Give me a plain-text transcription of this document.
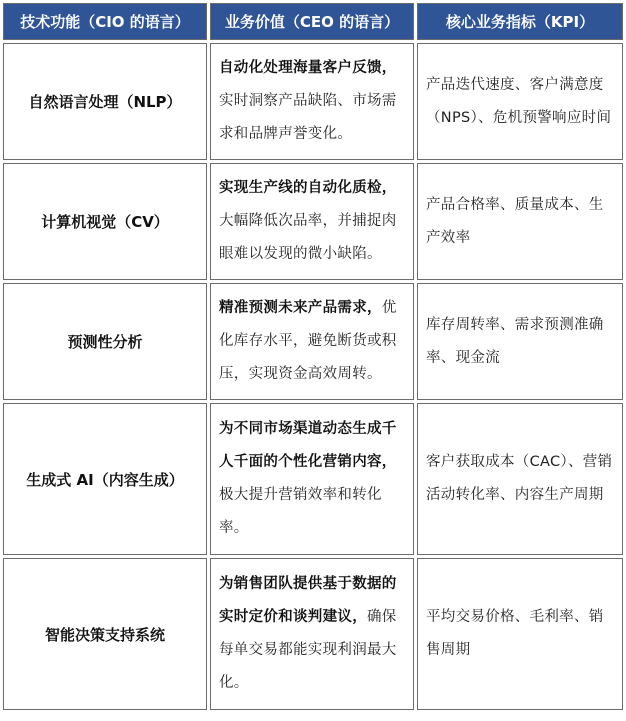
技术功能（CIO 的语言）	业务价值（CEO 的语言）	核心业务指标（KPI）
自然语言处理（NLP）	自动化处理海量客户反馈，实时洞察产品缺陷、市场需求和品牌声誉变化。	产品迭代速度、客户满意度（NPS）、危机预警响应时间
计算机视觉（CV）	实现生产线的自动化质检，大幅降低次品率，并捕捉肉眼难以发现的微小缺陷。	产品合格率、质量成本、生产效率
预测性分析	精准预测未来产品需求，优化库存水平，避免断货或积压，实现资金高效周转。	库存周转率、需求预测准确率、现金流
生成式 AI（内容生成）	为不同市场渠道动态生成千人千面的个性化营销内容，极大提升营销效率和转化率。	客户获取成本（CAC）、营销活动转化率、内容生产周期
智能决策支持系统	为销售团队提供基于数据的实时定价和谈判建议，确保每单交易都能实现利润最大化。	平均交易价格、毛利率、销售周期
